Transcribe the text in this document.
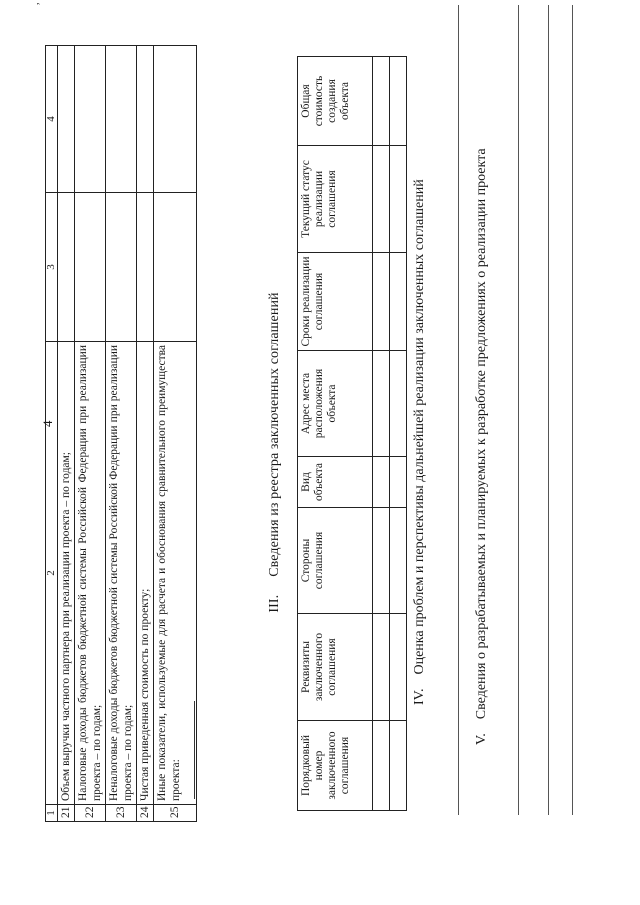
4
,
1	2	3	4
21	Объем выручки частного партнера при реализации проекта – по годам;		
22	Налоговые доходы бюджетов бюджетной системы Российской Федерации при реализации проекта – по годам;		
23	Неналоговые доходы бюджетов бюджетной системы Российской Федерации при реализации проекта – по годам;		
24	Чистая приведенная стоимость по проекту;		
25	Иные показатели, используемые для расчета и обоснования сравнительного преимущества проекта:		

III.Сведения из реестра заключенных соглашений
Порядковый номер заключенного соглашения	Реквизиты заключенного соглашения	Стороны соглашения	Вид объекта	Адрес места расположения объекта	Сроки реализации соглашения	Текущий статус реализации соглашения	Общая стоимость создания объекта

IV.Оценка проблем и перспективы дальнейшей реализации заключенных соглашений
V.Сведения о разрабатываемых и планируемых к разработке предложениях о реализации проекта
